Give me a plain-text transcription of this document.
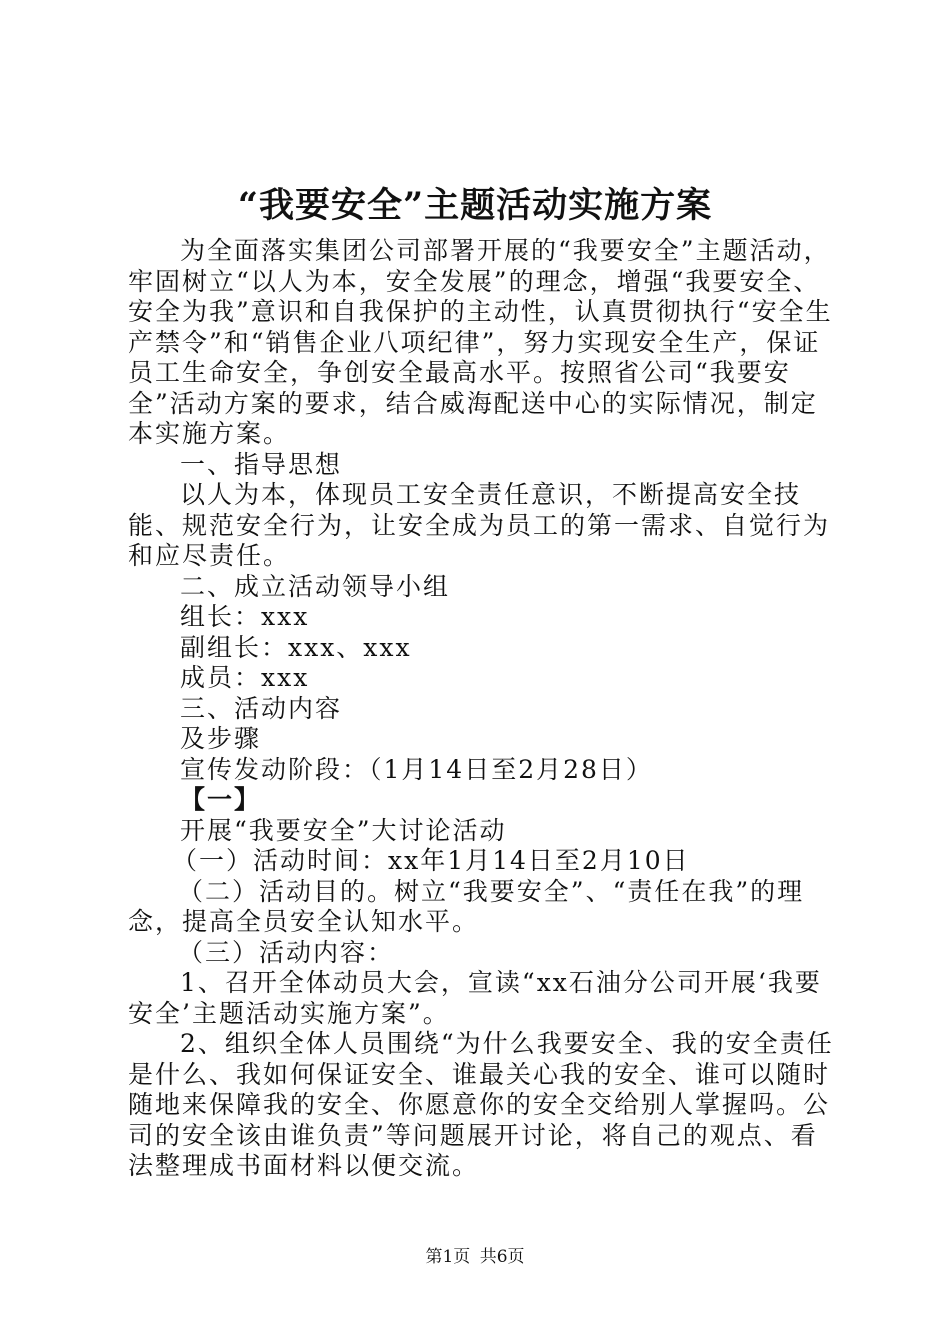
“我要安全”主题活动实施方案

为全面落实集团公司部署开展的“我要安全”主题活动，牢固树立“以人为本，安全发展”的理念，增强“我要安全、安全为我”意识和自我保护的主动性，认真贯彻执行“安全生产禁令”和“销售企业八项纪律”，努力实现安全生产，保证员工生命安全，争创安全最高水平。按照省公司“我要安全”活动方案的要求，结合威海配送中心的实际情况，制定本实施方案。

一、指导思想

以人为本，体现员工安全责任意识，不断提高安全技能、规范安全行为，让安全成为员工的第一需求、自觉行为和应尽责任。

二、成立活动领导小组

组长：xxx

副组长：xxx、xxx

成员：xxx

三、活动内容

及步骤

宣传发动阶段：（1月14日至2月28日）

【一】

开展“我要安全”大讨论活动

（一）活动时间：xx年1月14日至2月10日

（二）活动目的。树立“我要安全”、“责任在我”的理念，提高全员安全认知水平。

（三）活动内容：

1、召开全体动员大会，宣读“xx石油分公司开展‘我要安全’主题活动实施方案”。

2、组织全体人员围绕“为什么我要安全、我的安全责任是什么、我如何保证安全、谁最关心我的安全、谁可以随时随地来保障我的安全、你愿意你的安全交给别人掌握吗。公司的安全该由谁负责”等问题展开讨论，将自己的观点、看法整理成书面材料以便交流。

第1页 共6页
